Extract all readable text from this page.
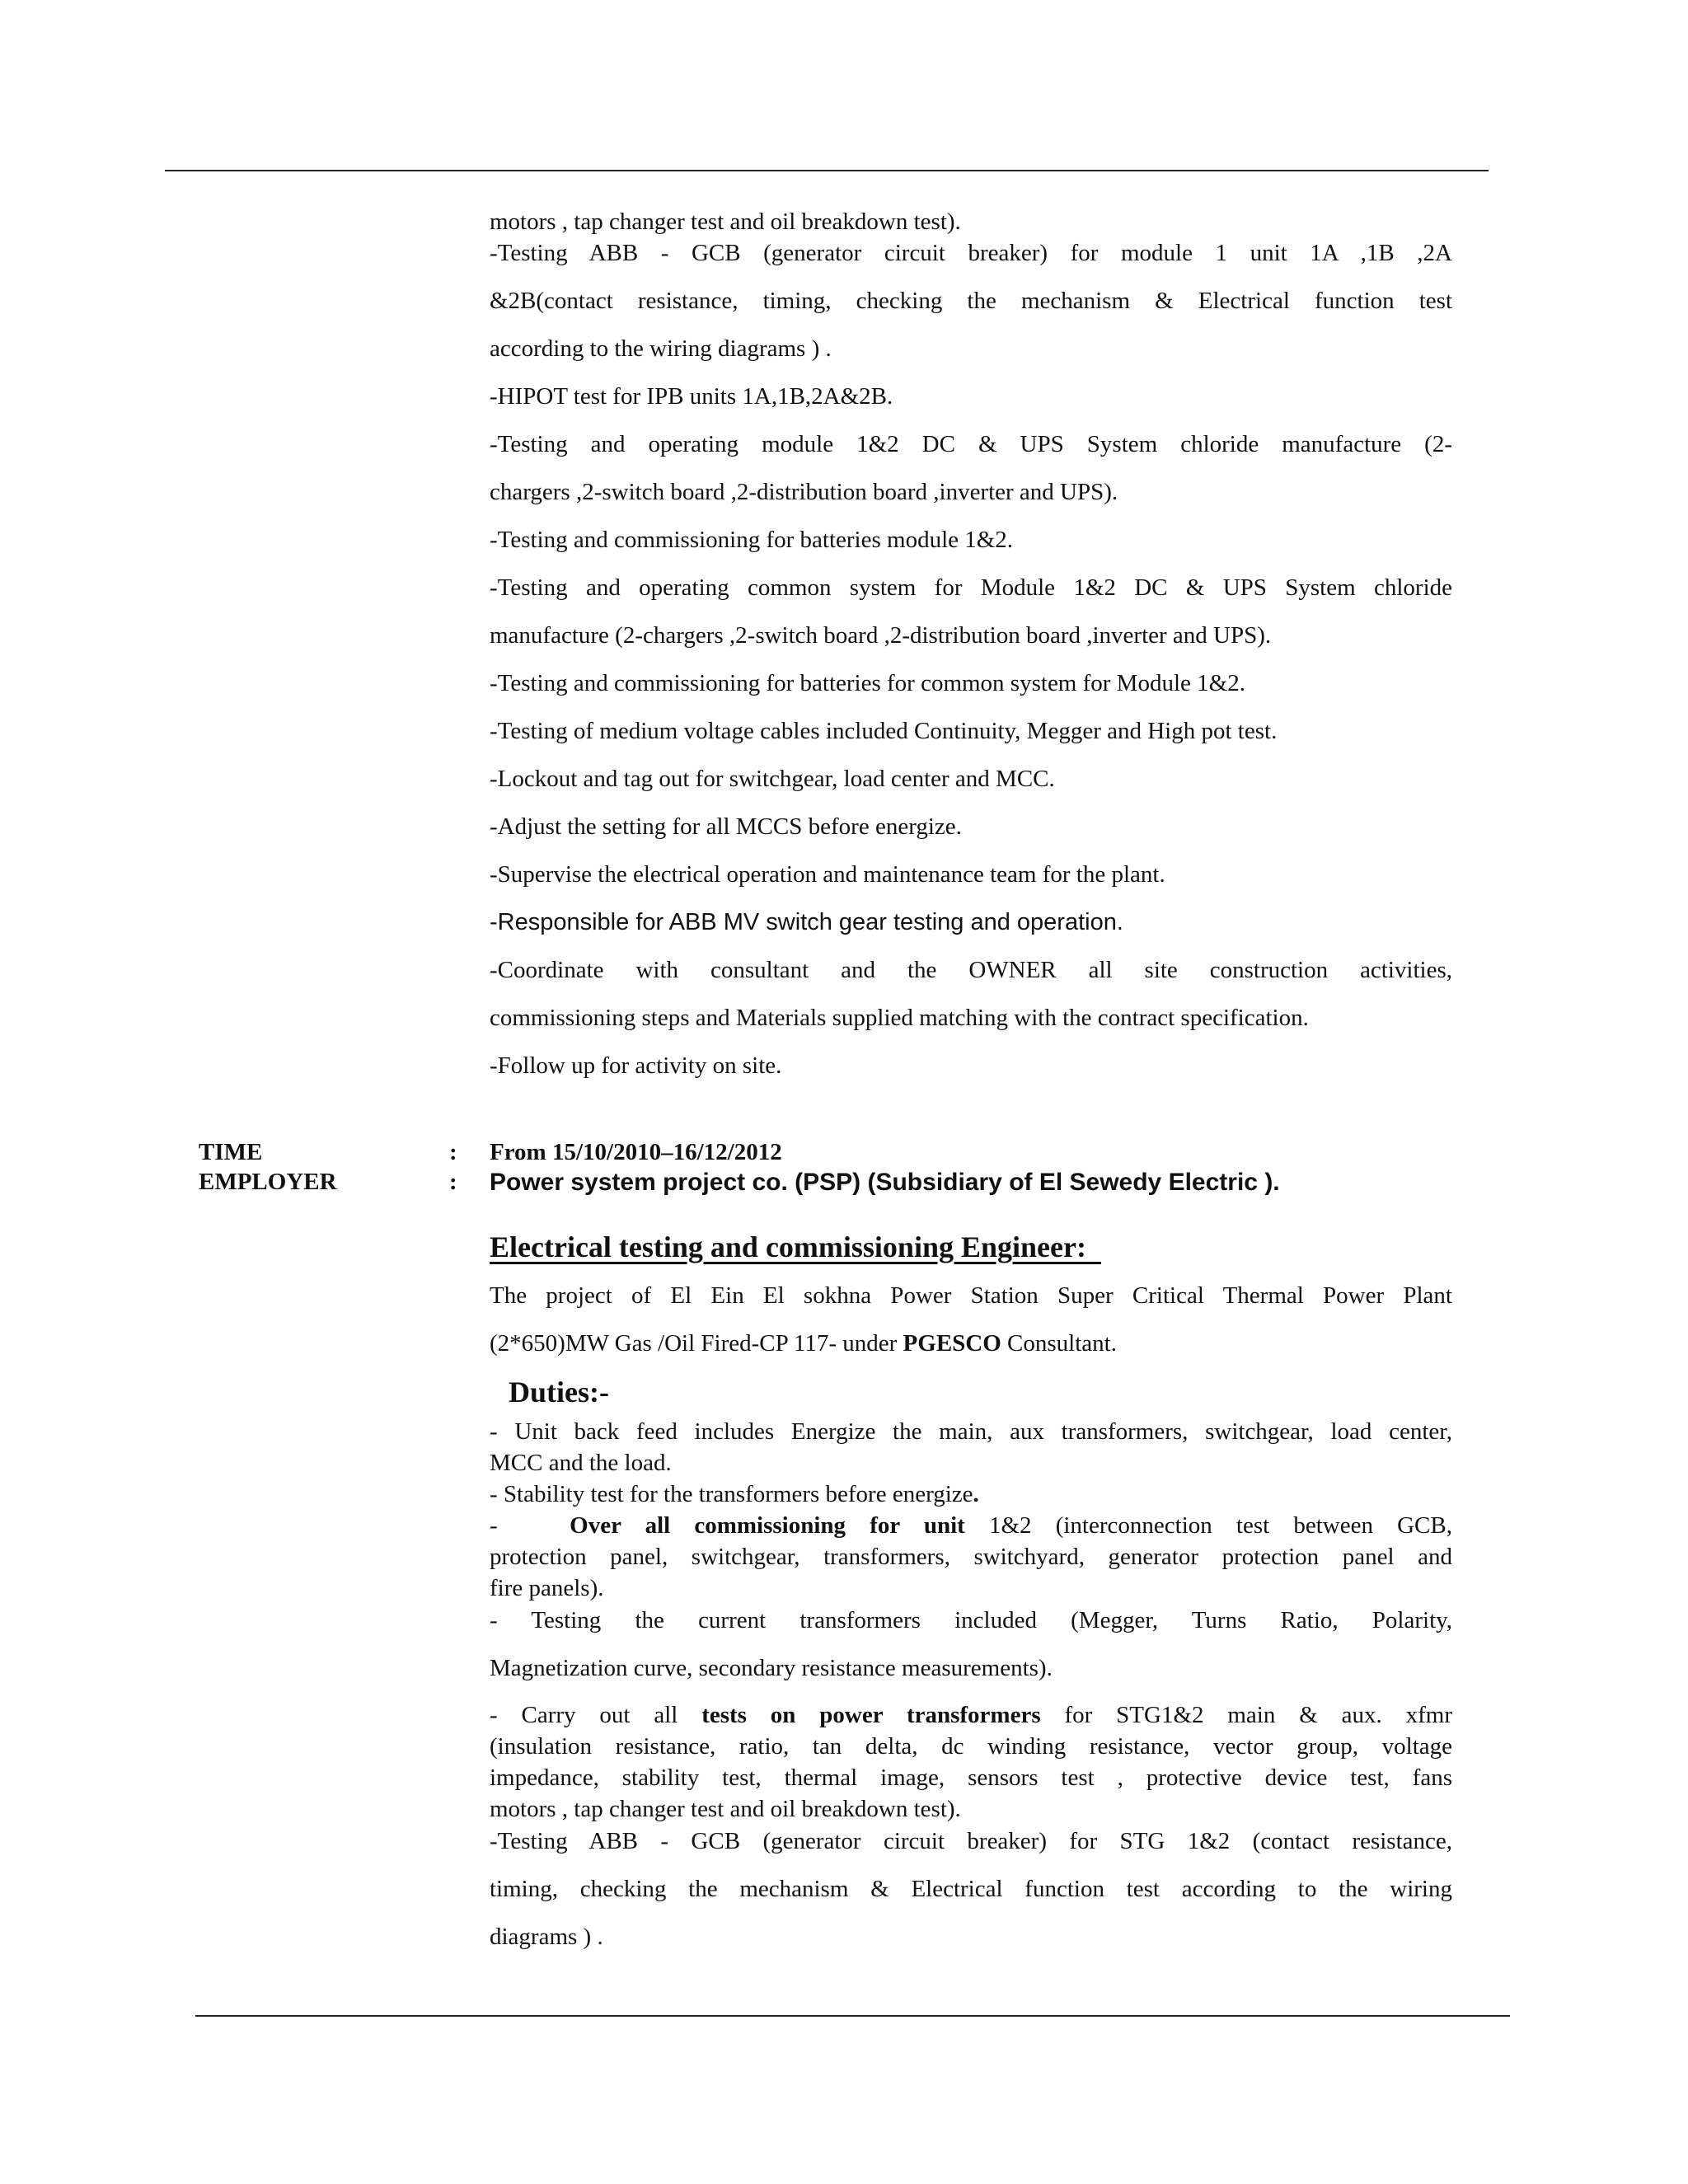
motors , tap changer test and oil breakdown test).
-Testing ABB - GCB (generator circuit breaker) for module 1 unit 1A ,1B ,2A
&2B(contact resistance, timing, checking the mechanism & Electrical function test
according to the wiring diagrams ) .
-HIPOT test for IPB units 1A,1B,2A&2B.
-Testing and operating module 1&2 DC & UPS System chloride manufacture (2-
chargers ,2-switch board ,2-distribution board ,inverter and UPS).
-Testing and commissioning for batteries module 1&2.
-Testing and operating common system for Module 1&2 DC & UPS System chloride
manufacture (2-chargers ,2-switch board ,2-distribution board ,inverter and UPS).
-Testing and commissioning for batteries for common system for Module 1&2.
-Testing of medium voltage cables included Continuity, Megger and High pot test.
-Lockout and tag out for switchgear, load center and MCC.
-Adjust the setting for all MCCS before energize.
-Supervise the electrical operation and maintenance team for the plant.
-Responsible for ABB MV switch gear testing and operation.
-Coordinate with consultant and the OWNER all site construction activities,
commissioning steps and Materials supplied matching with the contract specification.
-Follow up for activity on site.
TIME	: From 15/10/2010–16/12/2012
EMPLOYER	: Power system project co. (PSP) (Subsidiary of El Sewedy Electric ).
Electrical testing and commissioning Engineer:
The project of El Ein El sokhna Power Station Super Critical Thermal Power Plant
(2*650)MW Gas /Oil Fired-CP 117- under PGESCO Consultant.
Duties:-
- Unit back feed includes Energize the main, aux transformers, switchgear, load center,
MCC and the load.
- Stability test for the transformers before energize.
-   Over all commissioning for unit 1&2 (interconnection test between GCB,
protection panel, switchgear, transformers, switchyard, generator protection panel and
fire panels).
- Testing the current transformers included (Megger, Turns Ratio, Polarity,
Magnetization curve, secondary resistance measurements).
- Carry out all tests on power transformers for STG1&2 main & aux. xfmr
(insulation resistance, ratio, tan delta, dc winding resistance, vector group, voltage
impedance, stability test, thermal image, sensors test , protective device test, fans
motors , tap changer test and oil breakdown test).
-Testing ABB - GCB (generator circuit breaker) for STG 1&2 (contact resistance,
timing, checking the mechanism & Electrical function test according to the wiring
diagrams ) .
